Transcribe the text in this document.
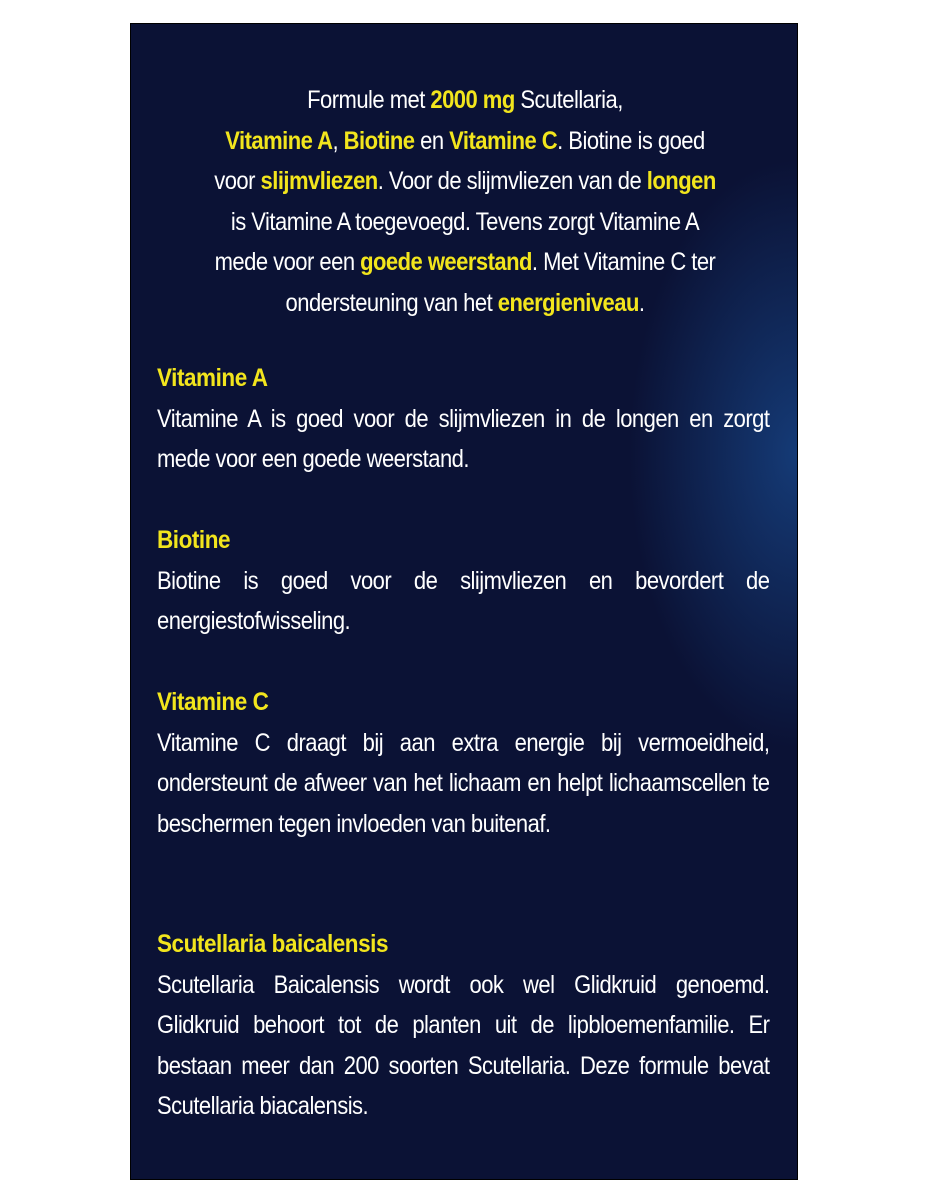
Formule met 2000 mg Scutellaria,
Vitamine A, Biotine en Vitamine C. Biotine is goed
voor slijmvliezen. Voor de slijmvliezen van de longen
is Vitamine A toegevoegd. Tevens zorgt Vitamine A
mede voor een goede weerstand. Met Vitamine C ter
ondersteuning van het energieniveau.
Vitamine A
Vitamine A is goed voor de slijmvliezen in de longen en zorgt mede voor een goede weerstand.
Biotine
Biotine is goed voor de slijmvliezen en bevordert de energiestofwisseling.
Vitamine C
Vitamine C draagt bij aan extra energie bij vermoeidheid, ondersteunt de afweer van het lichaam en helpt lichaamscellen te beschermen tegen invloeden van buitenaf.
Scutellaria baicalensis
Scutellaria Baicalensis wordt ook wel Glidkruid genoemd. Glidkruid behoort tot de planten uit de lipbloemenfamilie. Er bestaan meer dan 200 soorten Scutellaria. Deze formule bevat Scutellaria biacalensis.
